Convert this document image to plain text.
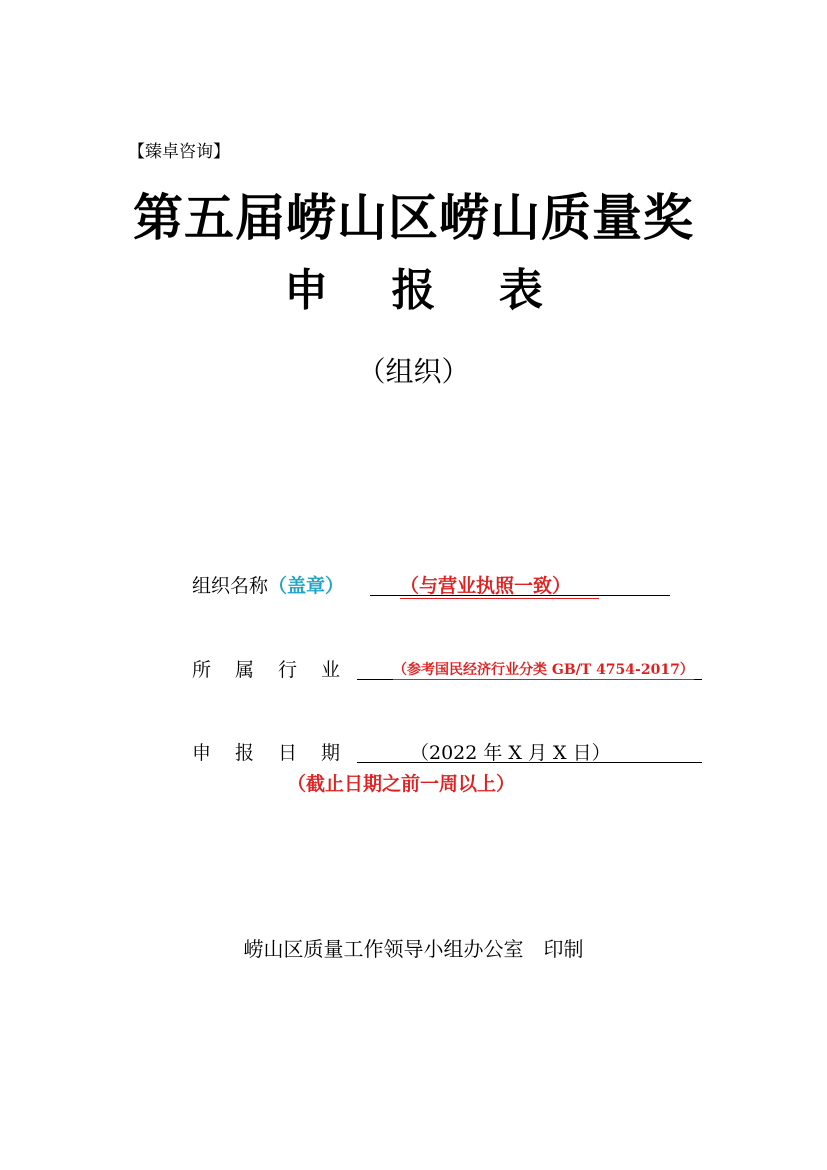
【臻卓咨询】
第五届崂山区崂山质量奖
申 报 表
（组织）
组织名称（盖章）	（与营业执照一致）
所 属 行 业	（参考国民经济行业分类 GB/T 4754-2017）
申 报 日 期	（2022 年 X 月 X 日）
（截止日期之前一周以上）
崂山区质量工作领导小组办公室　印制
